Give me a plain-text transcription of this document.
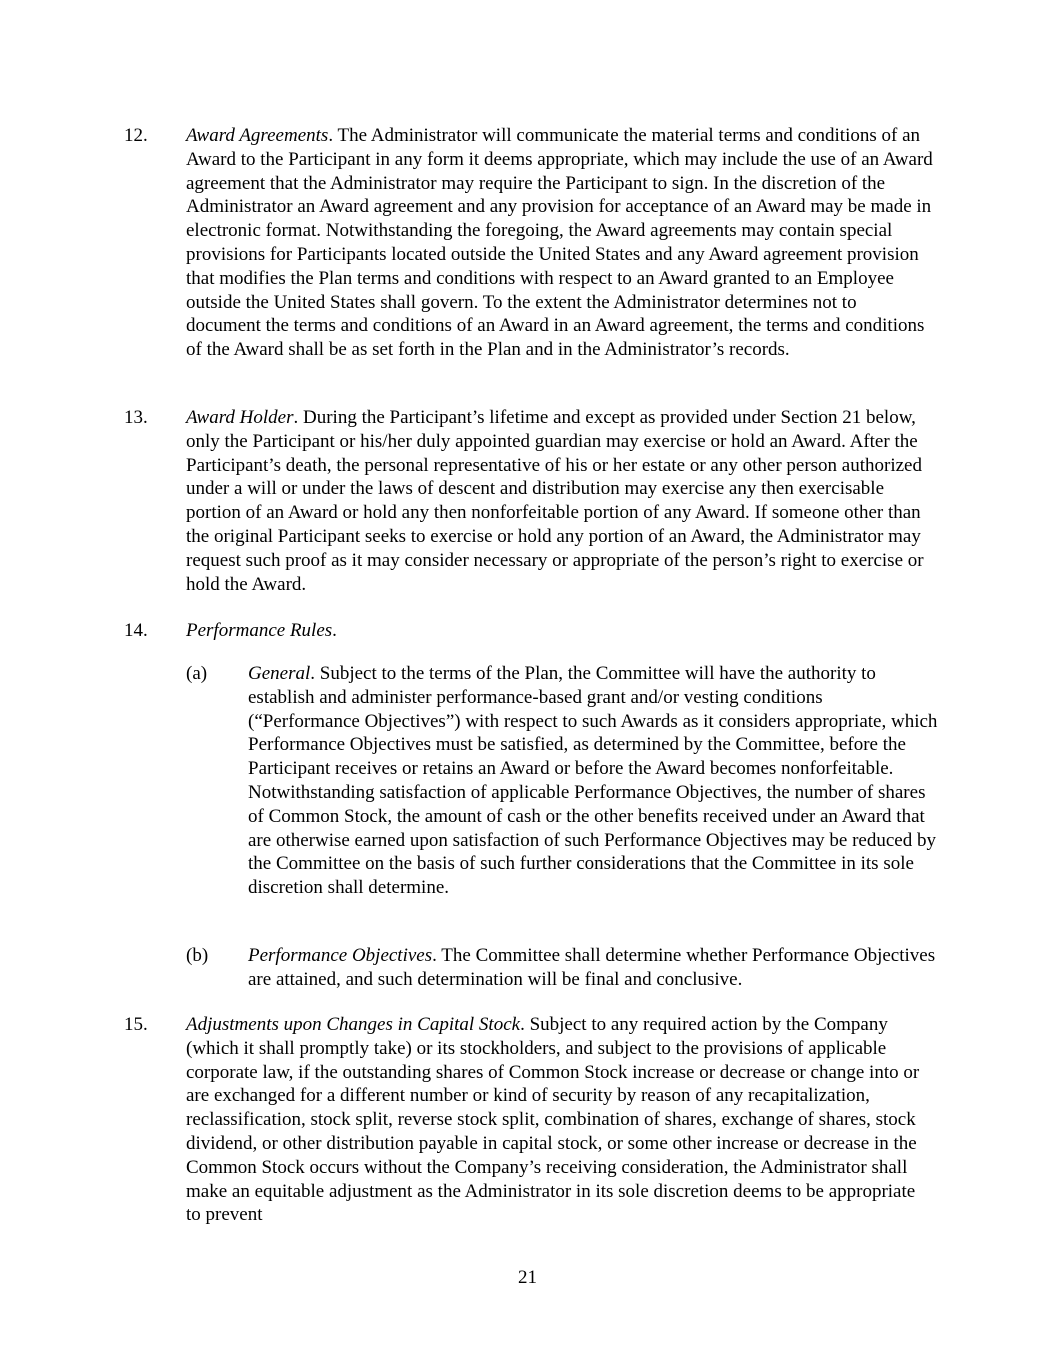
12. Award Agreements. The Administrator will communicate the material terms and conditions of an Award to the Participant in any form it deems appropriate, which may include the use of an Award agreement that the Administrator may require the Participant to sign. In the discretion of the Administrator an Award agreement and any provision for acceptance of an Award may be made in electronic format. Notwithstanding the foregoing, the Award agreements may contain special provisions for Participants located outside the United States and any Award agreement provision that modifies the Plan terms and conditions with respect to an Award granted to an Employee outside the United States shall govern. To the extent the Administrator determines not to document the terms and conditions of an Award in an Award agreement, the terms and conditions of the Award shall be as set forth in the Plan and in the Administrator’s records.
13. Award Holder. During the Participant’s lifetime and except as provided under Section 21 below, only the Participant or his/her duly appointed guardian may exercise or hold an Award. After the Participant’s death, the personal representative of his or her estate or any other person authorized under a will or under the laws of descent and distribution may exercise any then exercisable portion of an Award or hold any then nonforfeitable portion of any Award. If someone other than the original Participant seeks to exercise or hold any portion of an Award, the Administrator may request such proof as it may consider necessary or appropriate of the person’s right to exercise or hold the Award.
14. Performance Rules.
(a) General. Subject to the terms of the Plan, the Committee will have the authority to establish and administer performance-based grant and/or vesting conditions (“Performance Objectives”) with respect to such Awards as it considers appropriate, which Performance Objectives must be satisfied, as determined by the Committee, before the Participant receives or retains an Award or before the Award becomes nonforfeitable. Notwithstanding satisfaction of applicable Performance Objectives, the number of shares of Common Stock, the amount of cash or the other benefits received under an Award that are otherwise earned upon satisfaction of such Performance Objectives may be reduced by the Committee on the basis of such further considerations that the Committee in its sole discretion shall determine.
(b) Performance Objectives. The Committee shall determine whether Performance Objectives are attained, and such determination will be final and conclusive.
15. Adjustments upon Changes in Capital Stock. Subject to any required action by the Company (which it shall promptly take) or its stockholders, and subject to the provisions of applicable corporate law, if the outstanding shares of Common Stock increase or decrease or change into or are exchanged for a different number or kind of security by reason of any recapitalization, reclassification, stock split, reverse stock split, combination of shares, exchange of shares, stock dividend, or other distribution payable in capital stock, or some other increase or decrease in the Common Stock occurs without the Company’s receiving consideration, the Administrator shall make an equitable adjustment as the Administrator in its sole discretion deems to be appropriate to prevent
21
